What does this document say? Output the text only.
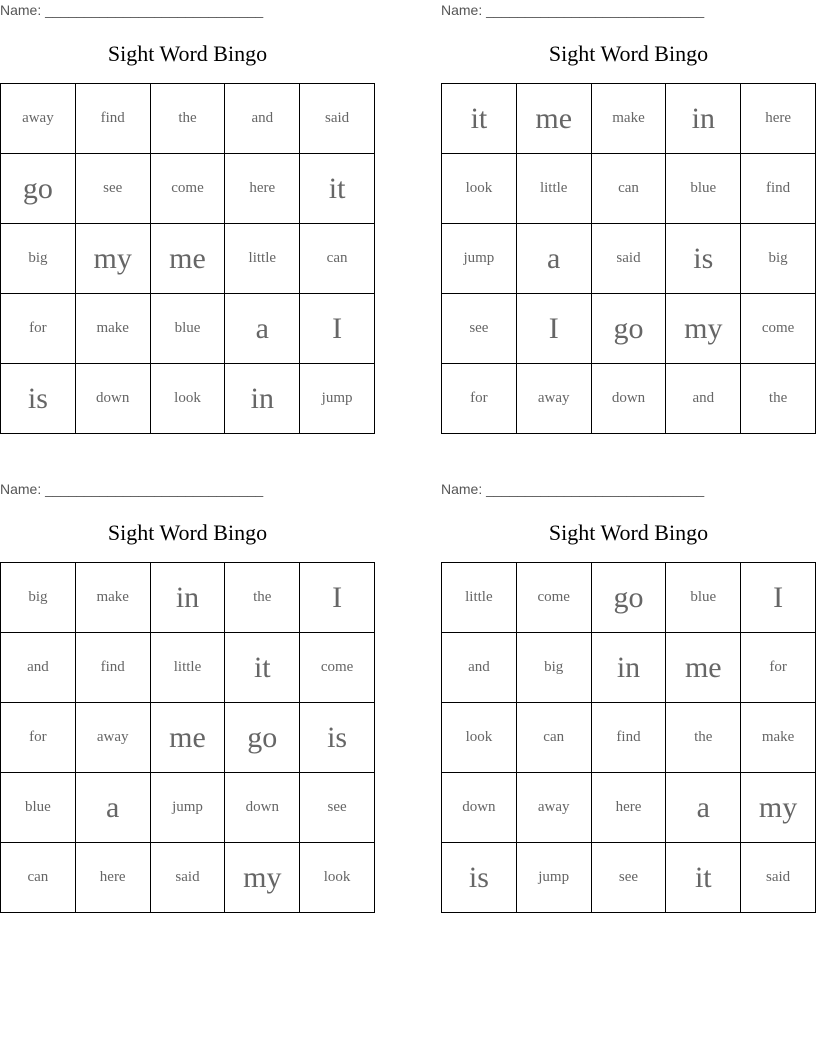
Name: ____________________________
Sight Word Bingo
away	find	the	and	said
go	see	come	here	it
big	my	me	little	can
for	make	blue	a	I
is	down	look	in	jump
Name: ____________________________
Sight Word Bingo
it	me	make	in	here
look	little	can	blue	find
jump	a	said	is	big
see	I	go	my	come
for	away	down	and	the
Name: ____________________________
Sight Word Bingo
big	make	in	the	I
and	find	little	it	come
for	away	me	go	is
blue	a	jump	down	see
can	here	said	my	look
Name: ____________________________
Sight Word Bingo
little	come	go	blue	I
and	big	in	me	for
look	can	find	the	make
down	away	here	a	my
is	jump	see	it	said
